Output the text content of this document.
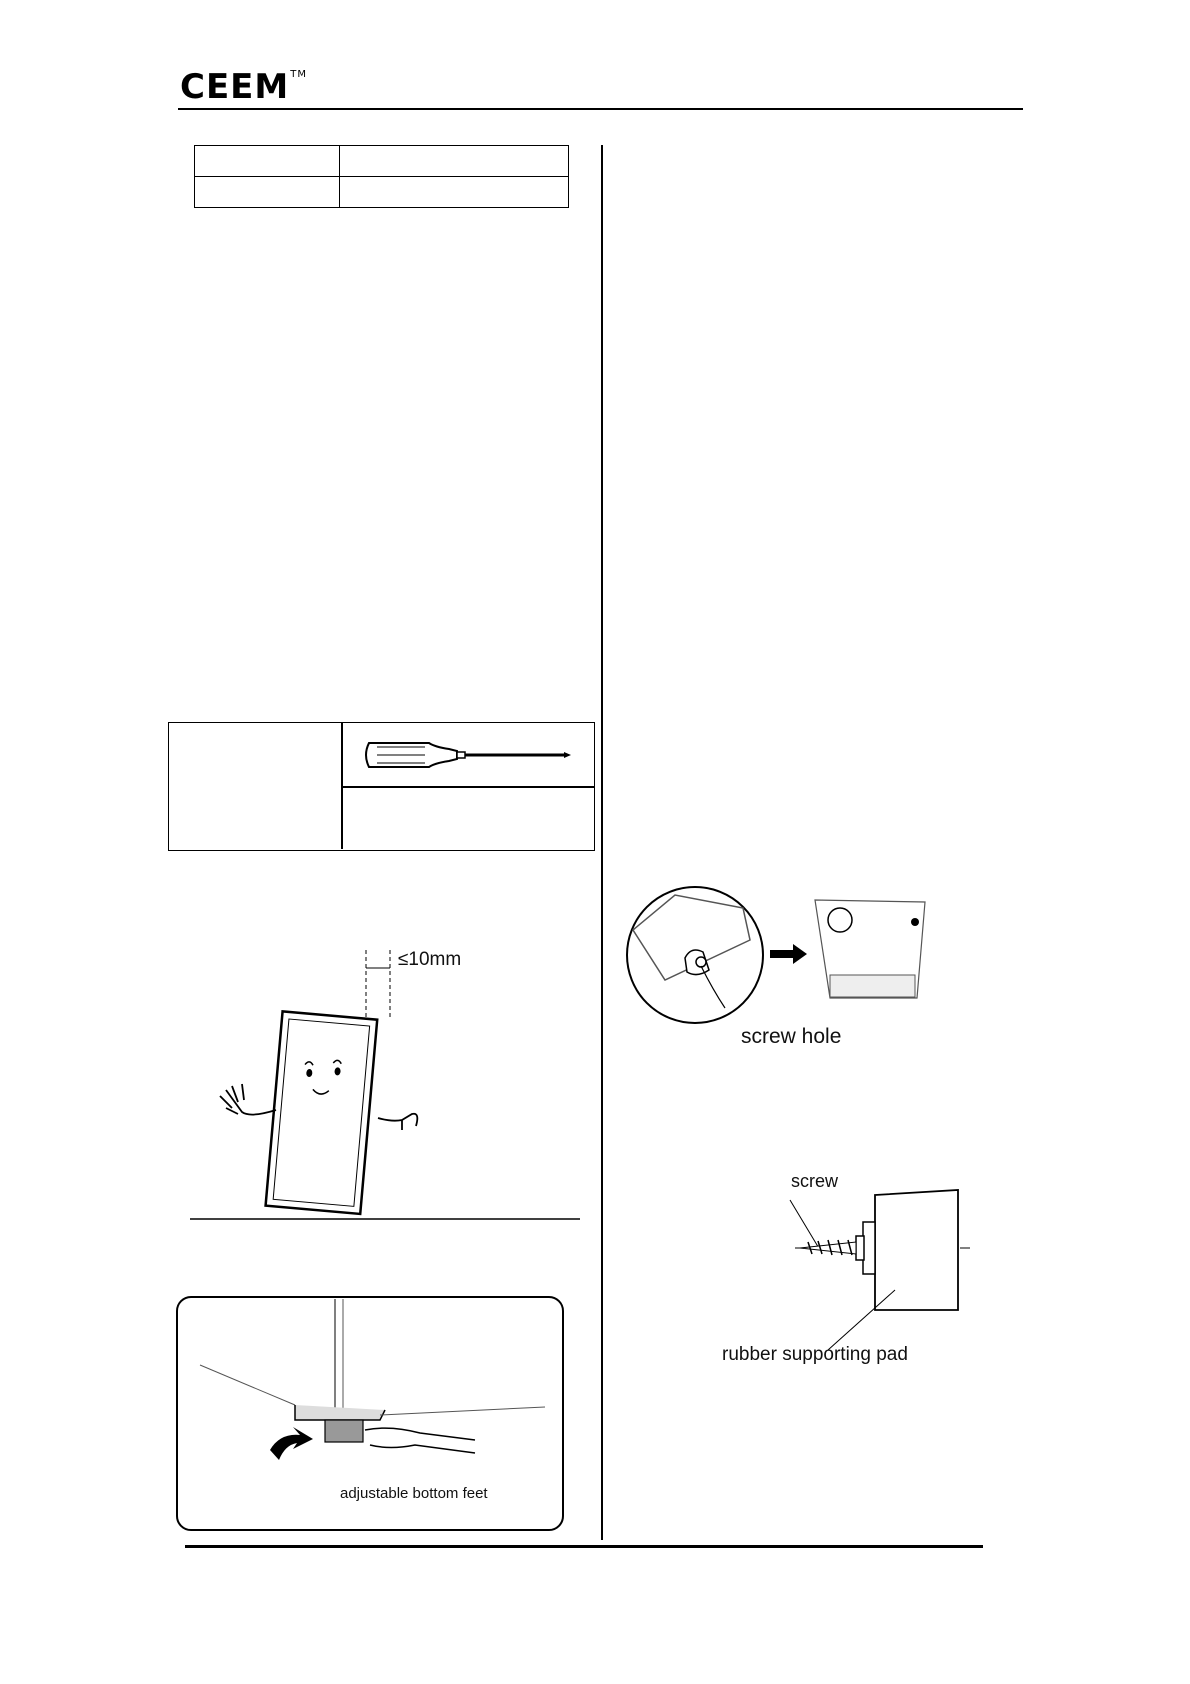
CEEM™

≤10mm
adjustable bottom feet
screw hole
screw
rubber supporting pad
